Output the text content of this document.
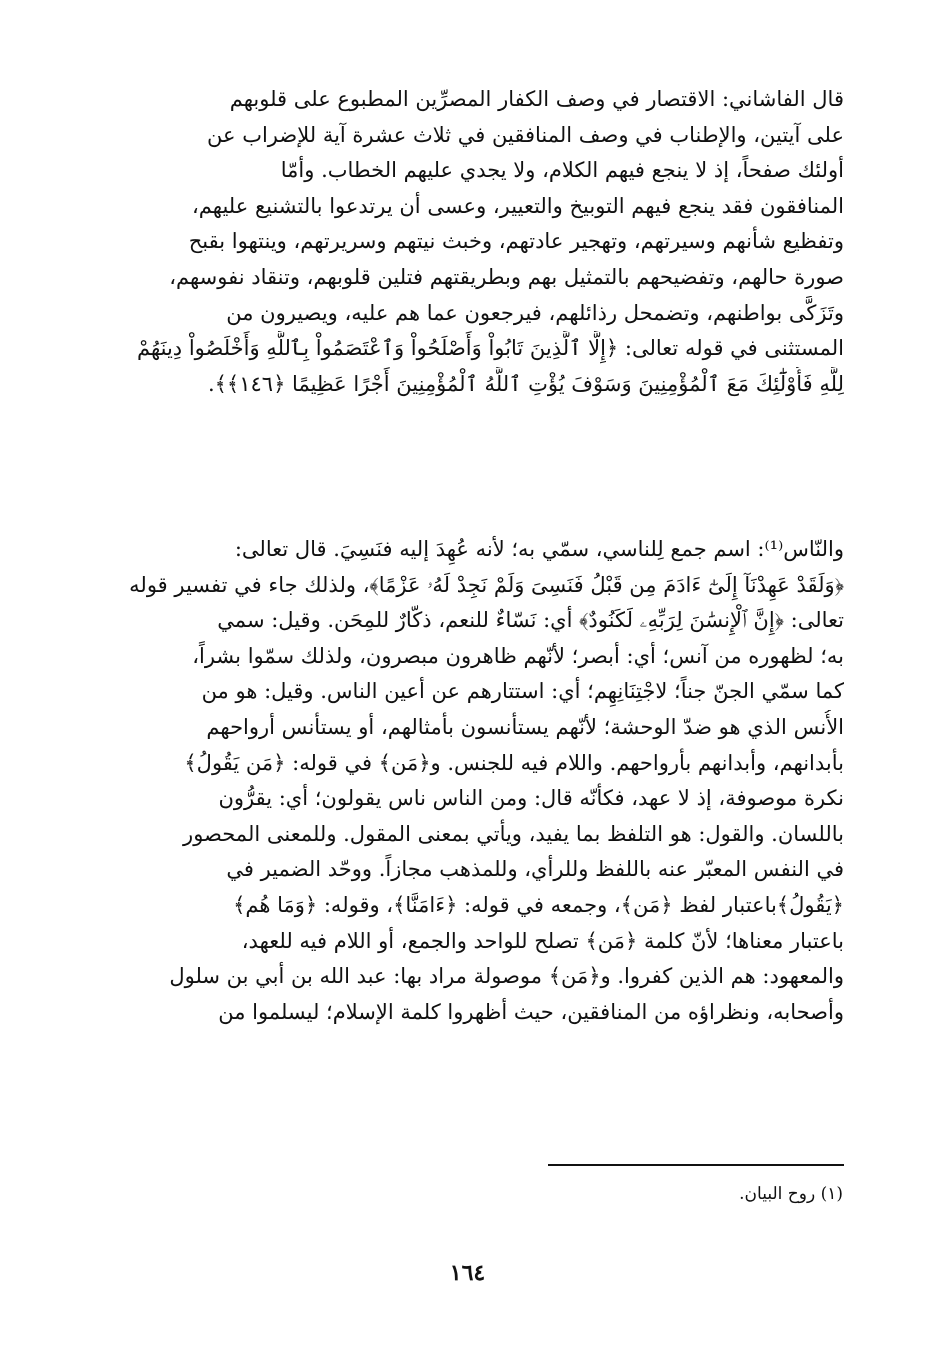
قال الفاشاني: الاقتصار في وصف الكفار المصرِّين المطبوع على قلوبهم
على آيتين، والإطناب في وصف المنافقين في ثلاث عشرة آية للإضراب عن
أولئك صفحاً، إذ لا ينجع فيهم الكلام، ولا يجدي عليهم الخطاب. وأمّا
المنافقون فقد ينجع فيهم التوبيخ والتعيير، وعسى أن يرتدعوا بالتشنيع عليهم،
وتفظيع شأنهم وسيرتهم، وتهجير عادتهم، وخبث نيتهم وسريرتهم، وينتهوا بقبح
صورة حالهم، وتفضيحهم بالتمثيل بهم وبطريقتهم فتلين قلوبهم، وتنقاد نفوسهم،
وتَزَكَّى بواطنهم، وتضمحل رذائلهم، فيرجعون عما هم عليه، ويصيرون من
المستثنى في قوله تعالى: ﴿إِلَّا ٱلَّذِينَ تَابُواْ وَأَصْلَحُواْ وَٱعْتَصَمُواْ بِٱللَّهِ وَأَخْلَصُواْ دِينَهُمْ
لِلَّهِ فَأُوْلَٰٓئِكَ مَعَ ٱلْمُؤْمِنِينَ وَسَوْفَ يُؤْتِ ٱللَّهُ ٱلْمُؤْمِنِينَ أَجْرًا عَظِيمًا ﴿١٤٦﴾﴾.
والنّاس⁽¹⁾: اسم جمع لِلناسي، سمّي به؛ لأنه عُهِدَ إليه فنَسِيَ. قال تعالى:
﴿وَلَقَدْ عَهِدْنَآ إِلَىٰٓ ءَادَمَ مِن قَبْلُ فَنَسِىَ وَلَمْ نَجِدْ لَهُۥ عَزْمًا﴾، ولذلك جاء في تفسير قوله
تعالى: ﴿إِنَّ ٱلْإِنسَٰنَ لِرَبِّهِۦ لَكَنُودٌ﴾ أي: نَسّاءٌ للنعم، ذكّارٌ للمِحَن. وقيل: سمي
به؛ لظهوره من آنس؛ أي: أبصر؛ لأنّهم ظاهرون مبصرون، ولذلك سمّوا بشراً،
كما سمّي الجنّ جناً؛ لاجْتِنَانِهِم؛ أي: استتارهم عن أعين الناس. وقيل: هو من
الأُنس الذي هو ضدّ الوحشة؛ لأنّهم يستأنسون بأمثالهم، أو يستأنس أرواحهم
بأبدانهم، وأبدانهم بأرواحهم. واللام فيه للجنس. و﴿مَن﴾ في قوله: ﴿مَن يَقُولُ﴾
نكرة موصوفة، إذ لا عهد، فكأنّه قال: ومن الناس ناس يقولون؛ أي: يقرُّون
باللسان. والقول: هو التلفظ بما يفيد، ويأتي بمعنى المقول. وللمعنى المحصور
في النفس المعبّر عنه باللفظ وللرأي، وللمذهب مجازاً. ووحّد الضمير في
﴿يَقُولُ﴾باعتبار لفظ ﴿مَن﴾، وجمعه في قوله: ﴿ءَامَنَّا﴾، وقوله: ﴿وَمَا هُم﴾
باعتبار معناها؛ لأنّ كلمة ﴿مَن﴾ تصلح للواحد والجمع، أو اللام فيه للعهد،
والمعهود: هم الذين كفروا. و﴿مَن﴾ موصولة مراد بها: عبد الله بن أبي بن سلول
وأصحابه، ونظراؤه من المنافقين، حيث أظهروا كلمة الإسلام؛ ليسلموا من
(١) روح البيان.
١٦٤
